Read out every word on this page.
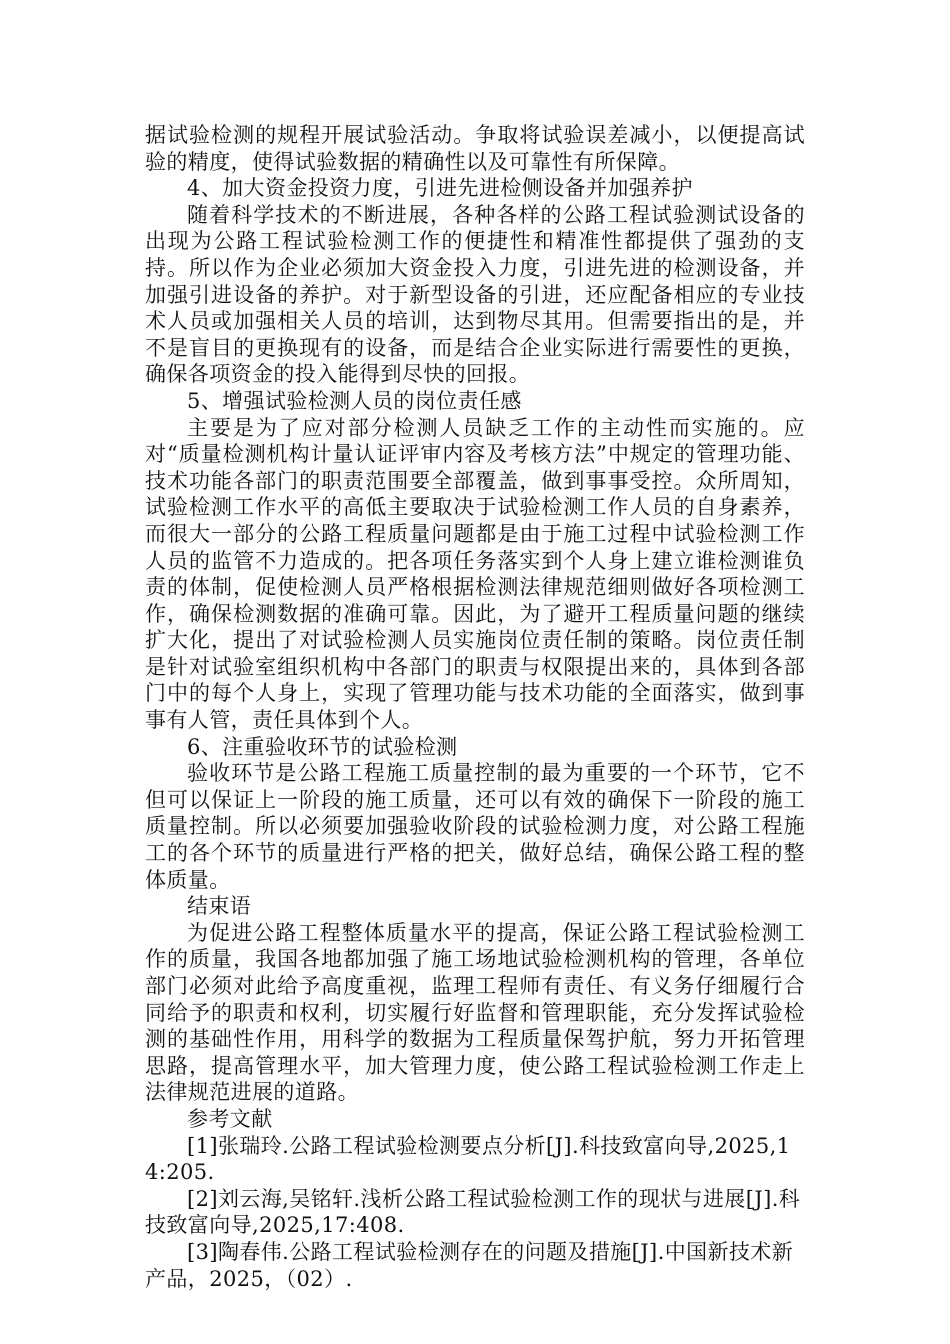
据试验检测的规程开展试验活动。争取将试验误差减小，以便提高试验的精度，使得试验数据的精确性以及可靠性有所保障。

4、加大资金投资力度，引进先进检侧设备并加强养护

随着科学技术的不断进展，各种各样的公路工程试验测试设备的出现为公路工程试验检测工作的便捷性和精准性都提供了强劲的支持。所以作为企业必须加大资金投入力度，引进先进的检测设备，并加强引进设备的养护。对于新型设备的引进，还应配备相应的专业技术人员或加强相关人员的培训，达到物尽其用。但需要指出的是，并不是盲目的更换现有的设备，而是结合企业实际进行需要性的更换，确保各项资金的投入能得到尽快的回报。

5、增强试验检测人员的岗位责任感

主要是为了应对部分检测人员缺乏工作的主动性而实施的。应对“质量检测机构计量认证评审内容及考核方法”中规定的管理功能、技术功能各部门的职责范围要全部覆盖，做到事事受控。众所周知，试验检测工作水平的高低主要取决于试验检测工作人员的自身素养，而很大一部分的公路工程质量问题都是由于施工过程中试验检测工作人员的监管不力造成的。把各项任务落实到个人身上建立谁检测谁负责的体制，促使检测人员严格根据检测法律规范细则做好各项检测工作，确保检测数据的准确可靠。因此，为了避开工程质量问题的继续扩大化，提出了对试验检测人员实施岗位责任制的策略。岗位责任制是针对试验室组织机构中各部门的职责与权限提出来的，具体到各部门中的每个人身上，实现了管理功能与技术功能的全面落实，做到事事有人管，责任具体到个人。

6、注重验收环节的试验检测

验收环节是公路工程施工质量控制的最为重要的一个环节，它不但可以保证上一阶段的施工质量，还可以有效的确保下一阶段的施工质量控制。所以必须要加强验收阶段的试验检测力度，对公路工程施工的各个环节的质量进行严格的把关，做好总结，确保公路工程的整体质量。

结束语

为促进公路工程整体质量水平的提高，保证公路工程试验检测工作的质量，我国各地都加强了施工场地试验检测机构的管理，各单位部门必须对此给予高度重视，监理工程师有责任、有义务仔细履行合同给予的职责和权利，切实履行好监督和管理职能，充分发挥试验检测的基础性作用，用科学的数据为工程质量保驾护航，努力开拓管理思路，提高管理水平，加大管理力度，使公路工程试验检测工作走上法律规范进展的道路。

参考文献

[1]张瑞玲.公路工程试验检测要点分析[J].科技致富向导,2025,14:205.

[2]刘云海,吴铭轩.浅析公路工程试验检测工作的现状与进展[J].科技致富向导,2025,17:408.

[3]陶春伟.公路工程试验检测存在的问题及措施[J].中国新技术新产品，2025，（02）.
